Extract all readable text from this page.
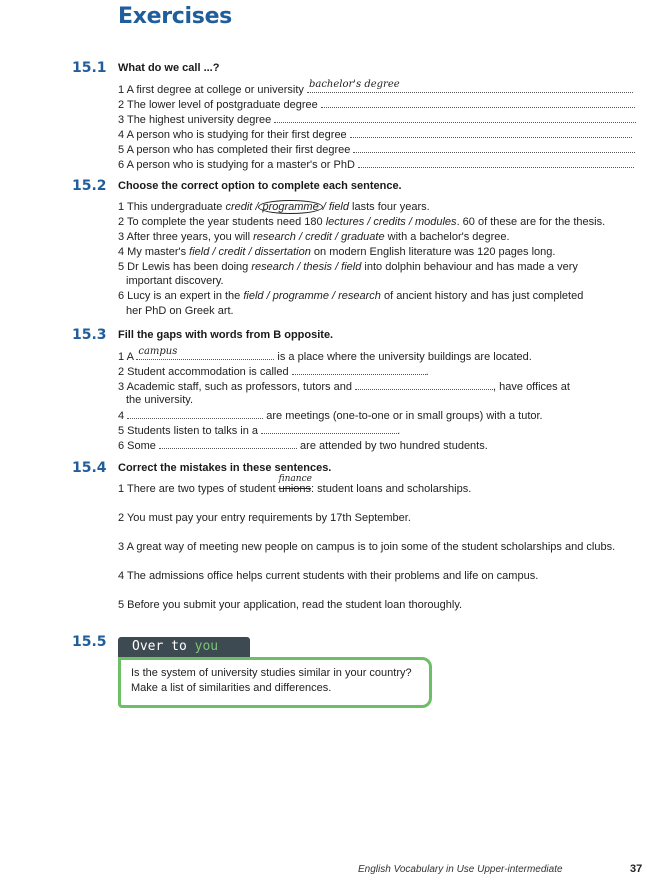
Exercises
15.1 What do we call ...?
1 A first degree at college or university bachelor's degree
2 The lower level of postgraduate degree
3 The highest university degree
4 A person who is studying for their first degree
5 A person who has completed their first degree
6 A person who is studying for a master's or PhD
15.2 Choose the correct option to complete each sentence.
1 This undergraduate credit / programme / field lasts four years.
2 To complete the year students need 180 lectures / credits / modules. 60 of these are for the thesis.
3 After three years, you will research / credit / graduate with a bachelor's degree.
4 My master's field / credit / dissertation on modern English literature was 120 pages long.
5 Dr Lewis has been doing research / thesis / field into dolphin behaviour and has made a very
important discovery.
6 Lucy is an expert in the field / programme / research of ancient history and has just completed
her PhD on Greek art.
15.3 Fill the gaps with words from B opposite.
1 A campus	is a place where the university buildings are located.
2 Student accommodation is called	.
3 Academic staff, such as professors, tutors and	, have offices at
the university.
4	are meetings (one-to-one or in small groups) with a tutor.
5 Students listen to talks in a	.
6 Some	are attended by two hundred students.
15.4 Correct the mistakes in these sentences.
1 There are two types of student unions
finance
: student loans and scholarships.
2 You must pay your entry requirements by 17th September.
3 A great way of meeting new people on campus is to join some of the student scholarships and clubs.
4 The admissions office helps current students with their problems and life on campus.
5 Before you submit your application, read the student loan thoroughly.
15.5	Over to you
Is the system of university studies similar in your country?
Make a list of similarities and differences.
English Vocabulary in Use Upper-intermediate	37
